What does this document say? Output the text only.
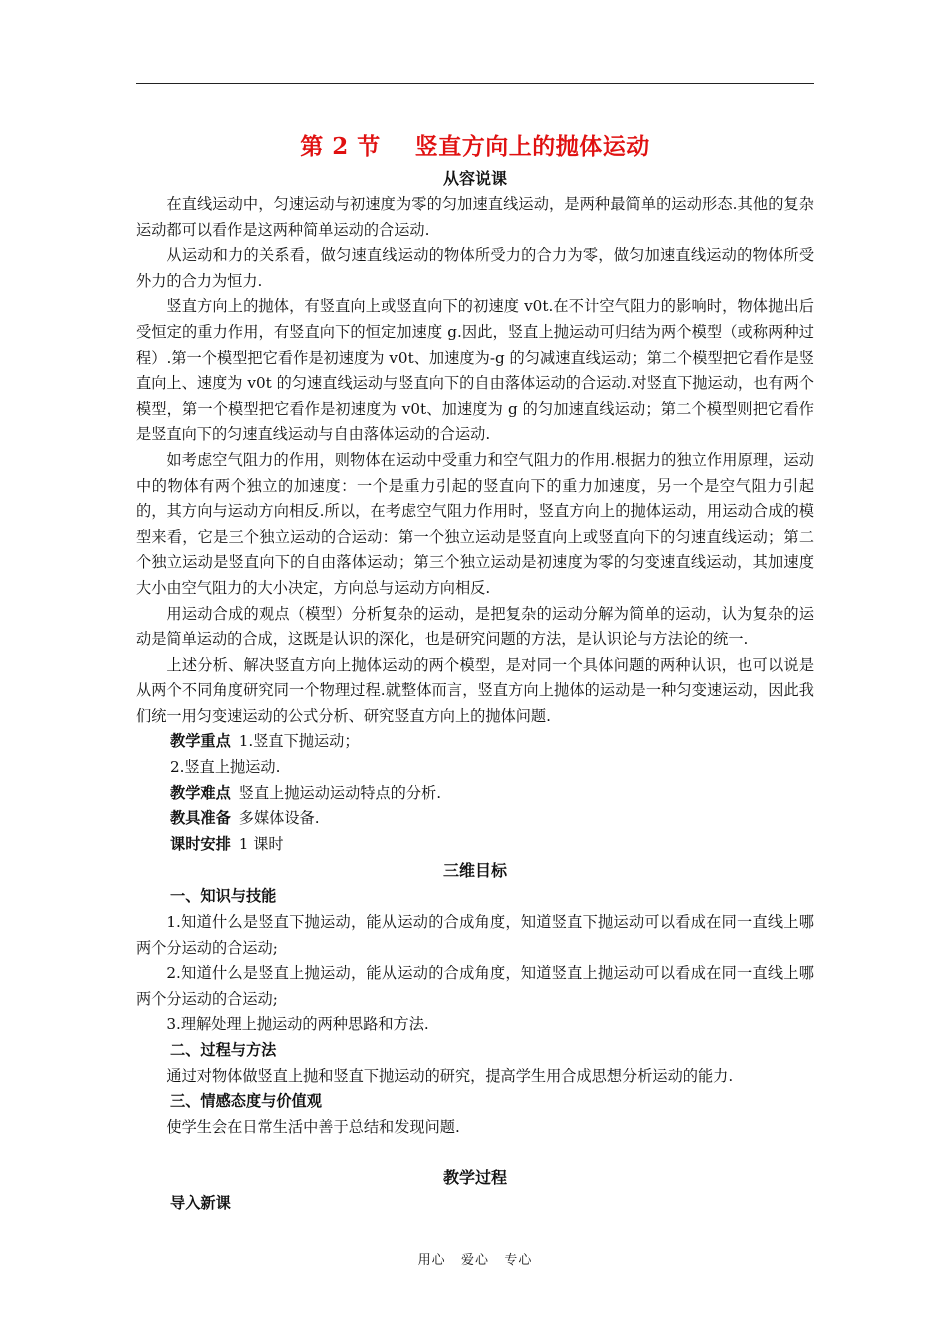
第 2 节    竖直方向上的抛体运动

从容说课

在直线运动中，匀速运动与初速度为零的匀加速直线运动，是两种最简单的运动形态.其他的复杂运动都可以看作是这两种简单运动的合运动.

从运动和力的关系看，做匀速直线运动的物体所受力的合力为零，做匀加速直线运动的物体所受外力的合力为恒力.

竖直方向上的抛体，有竖直向上或竖直向下的初速度 v0t.在不计空气阻力的影响时，物体抛出后受恒定的重力作用，有竖直向下的恒定加速度 g.因此，竖直上抛运动可归结为两个模型（或称两种过程）.第一个模型把它看作是初速度为 v0t、加速度为-g 的匀减速直线运动；第二个模型把它看作是竖直向上、速度为 v0t 的匀速直线运动与竖直向下的自由落体运动的合运动.对竖直下抛运动，也有两个模型，第一个模型把它看作是初速度为 v0t、加速度为 g 的匀加速直线运动；第二个模型则把它看作是竖直向下的匀速直线运动与自由落体运动的合运动.

如考虑空气阻力的作用，则物体在运动中受重力和空气阻力的作用.根据力的独立作用原理，运动中的物体有两个独立的加速度：一个是重力引起的竖直向下的重力加速度，另一个是空气阻力引起的，其方向与运动方向相反.所以，在考虑空气阻力作用时，竖直方向上的抛体运动，用运动合成的模型来看，它是三个独立运动的合运动：第一个独立运动是竖直向上或竖直向下的匀速直线运动；第二个独立运动是竖直向下的自由落体运动；第三个独立运动是初速度为零的匀变速直线运动，其加速度大小由空气阻力的大小决定，方向总与运动方向相反.

用运动合成的观点（模型）分析复杂的运动，是把复杂的运动分解为简单的运动，认为复杂的运动是简单运动的合成，这既是认识的深化，也是研究问题的方法，是认识论与方法论的统一.

上述分析、解决竖直方向上抛体运动的两个模型，是对同一个具体问题的两种认识，也可以说是从两个不同角度研究同一个物理过程.就整体而言，竖直方向上抛体的运动是一种匀变速运动，因此我们统一用匀变速运动的公式分析、研究竖直方向上的抛体问题.

教学重点 1.竖直下抛运动；

2.竖直上抛运动.

教学难点 竖直上抛运动运动特点的分析.

教具准备 多媒体设备.

课时安排 1 课时

三维目标

一、知识与技能

1.知道什么是竖直下抛运动，能从运动的合成角度，知道竖直下抛运动可以看成在同一直线上哪两个分运动的合运动;

2.知道什么是竖直上抛运动，能从运动的合成角度，知道竖直上抛运动可以看成在同一直线上哪两个分运动的合运动;

3.理解处理上抛运动的两种思路和方法.

二、过程与方法

通过对物体做竖直上抛和竖直下抛运动的研究，提高学生用合成思想分析运动的能力.

三、情感态度与价值观

使学生会在日常生活中善于总结和发现问题.

教学过程

导入新课

用心   爱心   专心
